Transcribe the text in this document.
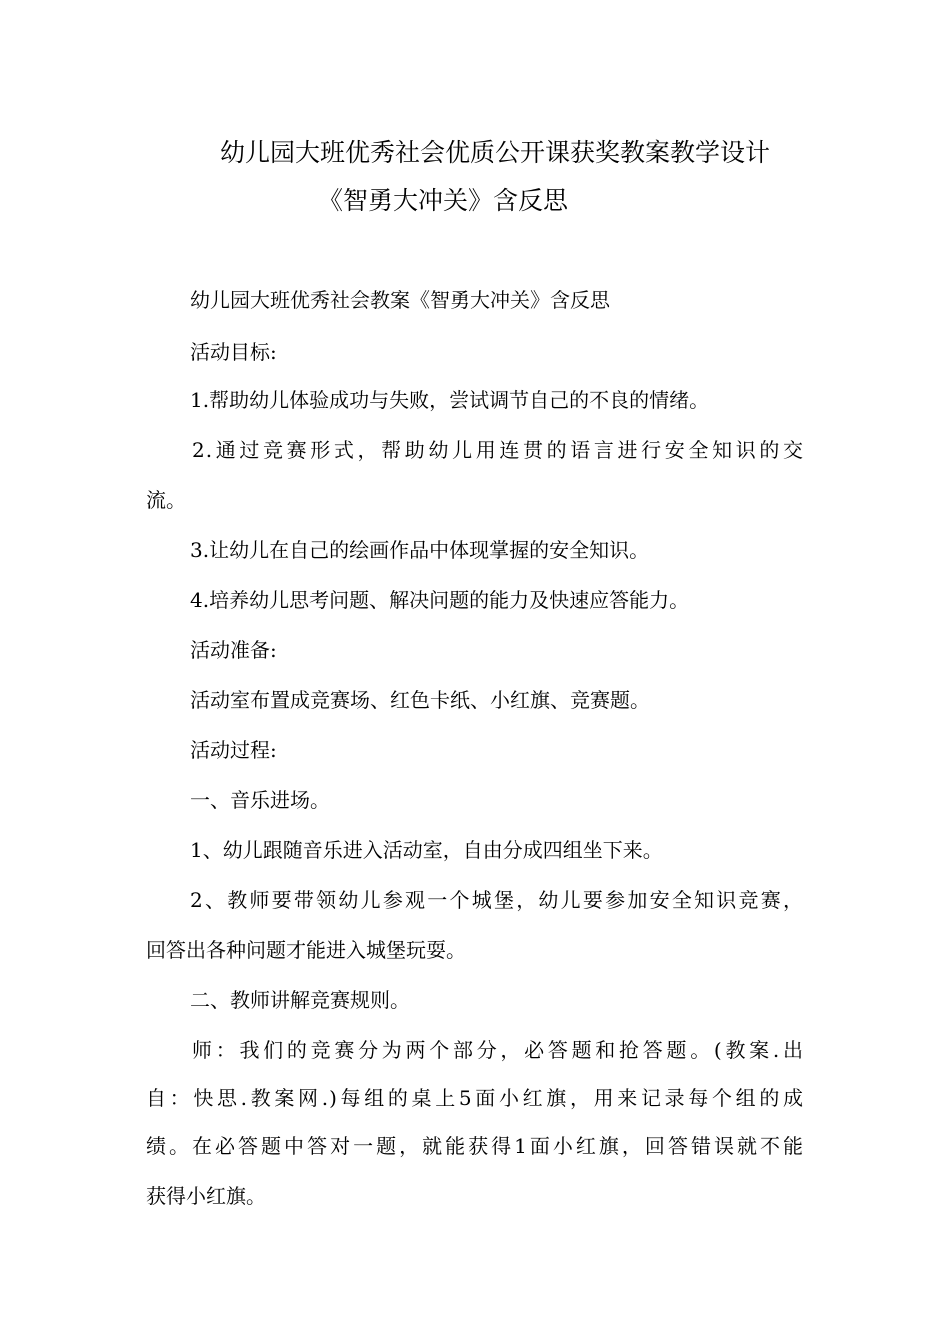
幼儿园大班优秀社会优质公开课获奖教案教学设计
《智勇大冲关》含反思
幼儿园大班优秀社会教案《智勇大冲关》含反思
活动目标:
1.帮助幼儿体验成功与失败，尝试调节自己的不良的情绪。
2.通过竞赛形式，帮助幼儿用连贯的语言进行安全知识的交
流。
3.让幼儿在自己的绘画作品中体现掌握的安全知识。
4.培养幼儿思考问题、解决问题的能力及快速应答能力。
活动准备:
活动室布置成竞赛场、红色卡纸、小红旗、竞赛题。
活动过程:
一、音乐进场。
1、幼儿跟随音乐进入活动室，自由分成四组坐下来。
2、教师要带领幼儿参观一个城堡，幼儿要参加安全知识竞赛，
回答出各种问题才能进入城堡玩耍。
二、教师讲解竞赛规则。
师：我们的竞赛分为两个部分，必答题和抢答题。(教案.出
自：快思.教案网.)每组的桌上5面小红旗，用来记录每个组的成
绩。在必答题中答对一题，就能获得1面小红旗，回答错误就不能
获得小红旗。
